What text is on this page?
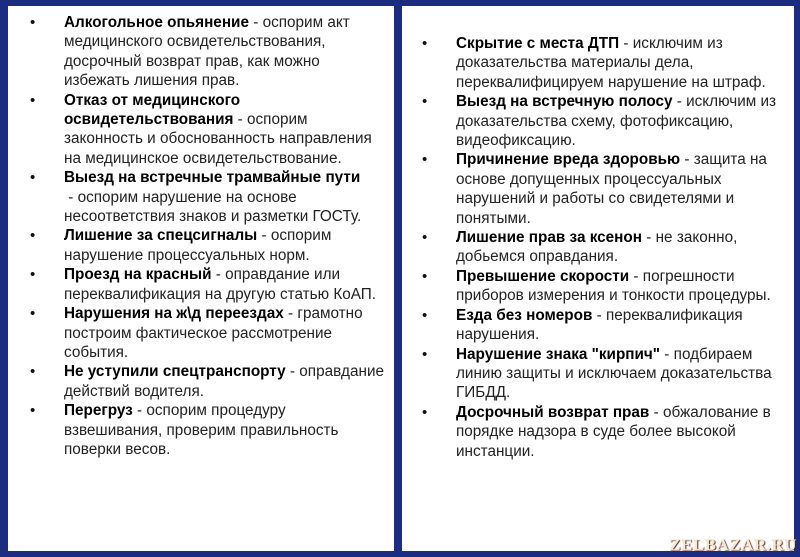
• Алкогольное опьянение - оспорим акт медицинского освидетельствования, досрочный возврат прав, как можно избежать лишения прав.
• Отказ от медицинского освидетельствования - оспорим законность и обоснованность направления на медицинское освидетельствование.
• Выезд на встречные трамвайные пути - оспорим нарушение на основе несоответствия знаков и разметки ГОСТу.
• Лишение за спецсигналы - оспорим нарушение процессуальных норм.
• Проезд на красный - оправдание или переквалификация на другую статью КоАП.
• Нарушения на ж\д переездах - грамотно построим фактическое рассмотрение события.
• Не уступили спецтранспорту - оправдание действий водителя.
• Перегруз - оспорим процедуру взвешивания, проверим правильность поверки весов.
• Скрытие с места ДТП - исключим из доказательства материалы дела, переквалифицируем нарушение на штраф.
• Выезд на встречную полосу - исключим из доказательства схему, фотофиксацию, видеофиксацию.
• Причинение вреда здоровью - защита на основе допущенных процессуальных нарушений и работы со свидетелями и понятыми.
• Лишение прав за ксенон - не законно, добьемся оправдания.
• Превышение скорости - погрешности приборов измерения и тонкости процедуры.
• Езда без номеров - переквалификация нарушения.
• Нарушение знака "кирпич" - подбираем линию защиты и исключаем доказательства ГИБДД.
• Досрочный возврат прав - обжалование в порядке надзора в суде более высокой инстанции.
ZELBAZAR.RU
